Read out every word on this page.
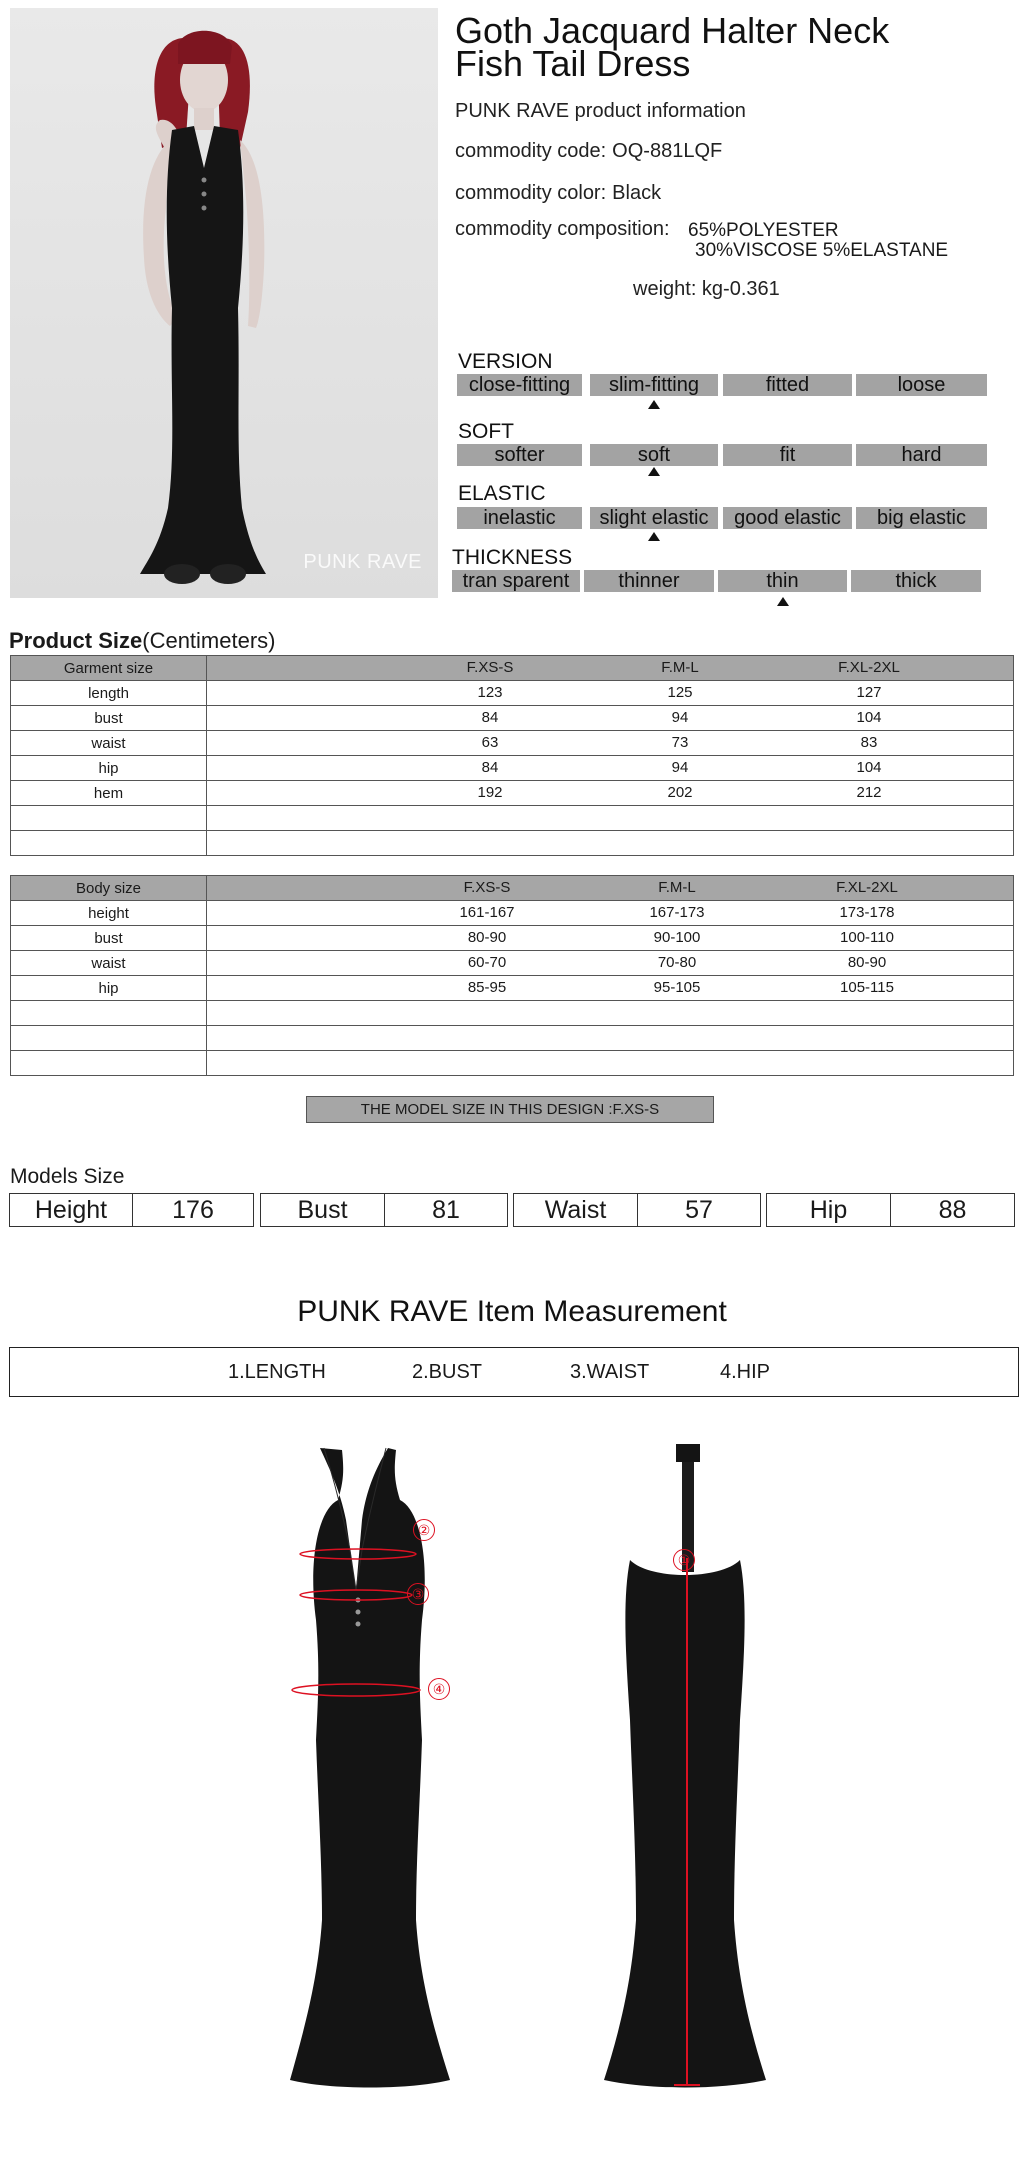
PUNK RAVE
Goth Jacquard Halter Neck
Fish Tail Dress
PUNK RAVE product information
commodity code: OQ-881LQF
commodity color: Black
commodity composition: 65%POLYESTER
30%VISCOSE 5%ELASTANE
weight: kg-0.361
VERSION
close-fitting	slim-fitting	fitted	loose
SOFT
softer	soft	fit	hard
ELASTIC
inelastic	slight elastic	good elastic	big elastic
THICKNESS
tran sparent	thinner	thin	thick
Product Size(Centimeters)
Garment size	F.XS-S F.M-L F.XL-2XL

length	123 125 127

bust	84 94 104

waist	63 73 83

hip	84 94 104

hem	192 202 212

Body size	F.XS-S F.M-L F.XL-2XL

height	161-167 167-173 173-178

bust	80-90 90-100 100-110

waist	60-70 70-80 80-90

hip	85-95 95-105 105-115

THE MODEL SIZE IN THIS DESIGN :F.XS-S
Models Size
Height	176	Bust	81	Waist	57	Hip	88
PUNK RAVE Item Measurement
1.LENGTH	2.BUST	3.WAIST	4.HIP
②
③
④
①
